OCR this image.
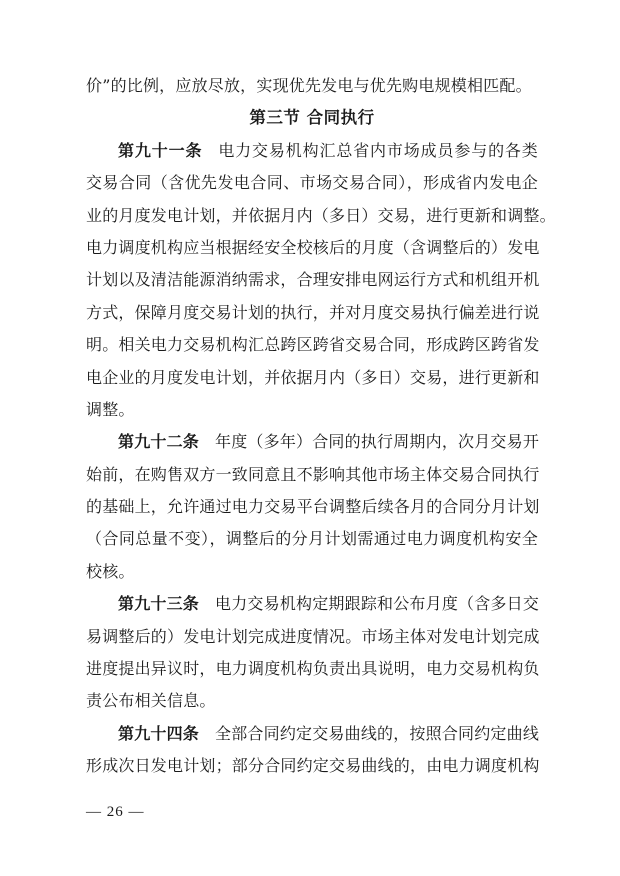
价”的比例，应放尽放，实现优先发电与优先购电规模相匹配。
第三节 合同执行
第九十一条 电力交易机构汇总省内市场成员参与的各类
交易合同（含优先发电合同、市场交易合同），形成省内发电企
业的月度发电计划，并依据月内（多日）交易，进行更新和调整。
电力调度机构应当根据经安全校核后的月度（含调整后的）发电
计划以及清洁能源消纳需求，合理安排电网运行方式和机组开机
方式，保障月度交易计划的执行，并对月度交易执行偏差进行说
明。相关电力交易机构汇总跨区跨省交易合同，形成跨区跨省发
电企业的月度发电计划，并依据月内（多日）交易，进行更新和
调整。
第九十二条 年度（多年）合同的执行周期内，次月交易开
始前，在购售双方一致同意且不影响其他市场主体交易合同执行
的基础上，允许通过电力交易平台调整后续各月的合同分月计划
（合同总量不变），调整后的分月计划需通过电力调度机构安全
校核。
第九十三条 电力交易机构定期跟踪和公布月度（含多日交
易调整后的）发电计划完成进度情况。市场主体对发电计划完成
进度提出异议时，电力调度机构负责出具说明，电力交易机构负
责公布相关信息。
第九十四条 全部合同约定交易曲线的，按照合同约定曲线
形成次日发电计划；部分合同约定交易曲线的，由电力调度机构
— 26 —
